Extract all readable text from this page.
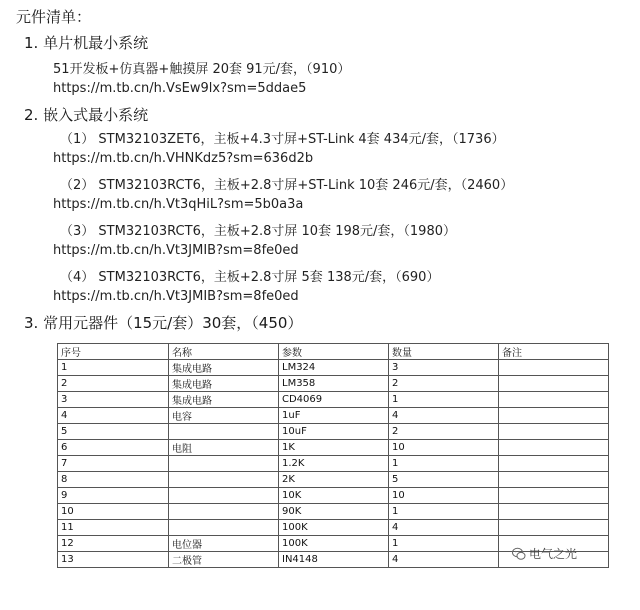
元件清单：
1. 单片机最小系统
51开发板+仿真器+触摸屏 20套 91元/套，（910）
https://m.tb.cn/h.VsEw9lx?sm=5ddae5
2. 嵌入式最小系统
（1） STM32103ZET6，主板+4.3寸屏+ST-Link 4套 434元/套，（1736）
https://m.tb.cn/h.VHNKdz5?sm=636d2b
（2） STM32103RCT6，主板+2.8寸屏+ST-Link 10套 246元/套，（2460）
https://m.tb.cn/h.Vt3qHiL?sm=5b0a3a
（3） STM32103RCT6，主板+2.8寸屏 10套 198元/套，（1980）
https://m.tb.cn/h.Vt3JMIB?sm=8fe0ed
（4） STM32103RCT6，主板+2.8寸屏 5套 138元/套，（690）
https://m.tb.cn/h.Vt3JMIB?sm=8fe0ed
3. 常用元器件（15元/套）30套，（450）
序号	名称	参数	数量	备注
1	集成电路	LM324	3	
2	集成电路	LM358	2	
3	集成电路	CD4069	1	
4	电容	1uF	4	
5		10uF	2	
6	电阻	1K	10	
7		1.2K	1	
8		2K	5	
9		10K	10	
10		90K	1	
11		100K	4	
12	电位器	100K	1	
13	二极管	IN4148	4		电气之光
